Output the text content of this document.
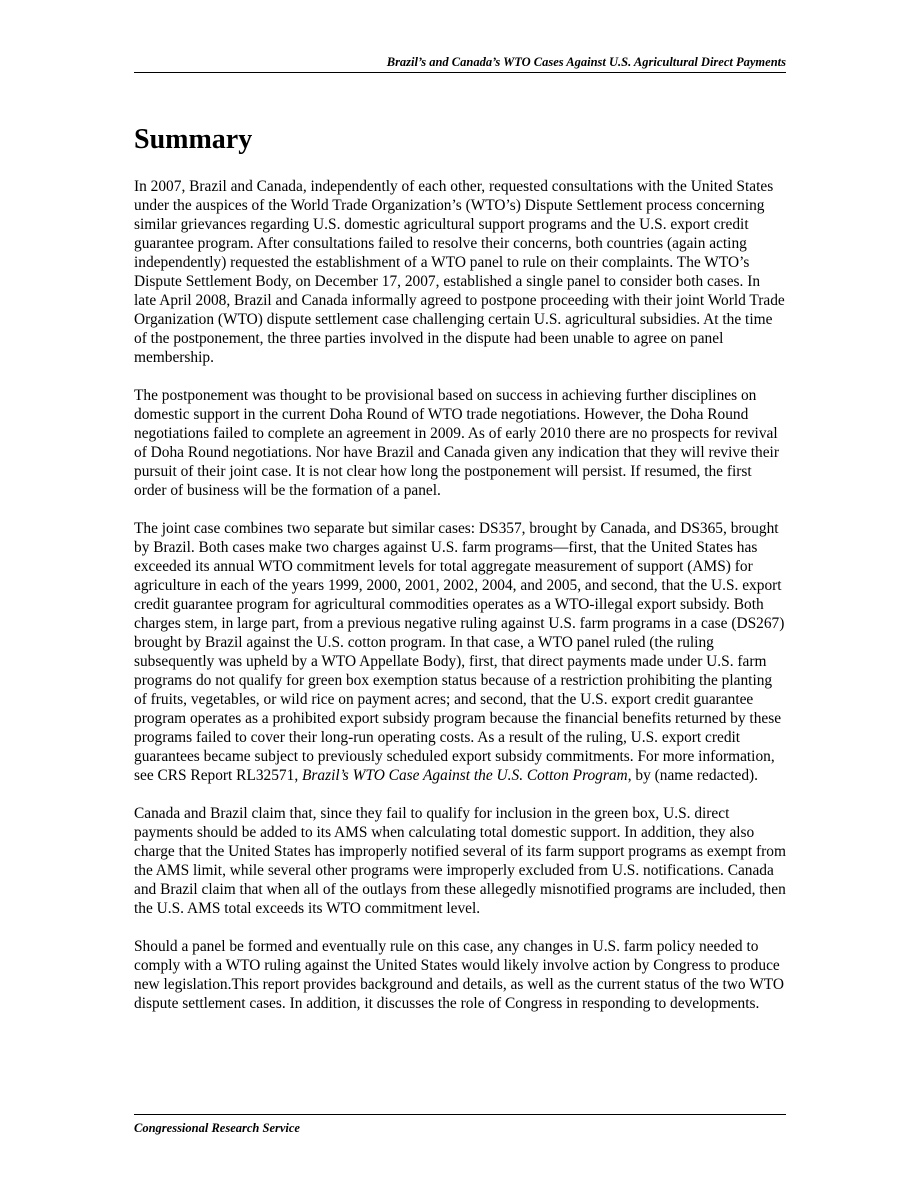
Brazil’s and Canada’s WTO Cases Against U.S. Agricultural Direct Payments
Summary

In 2007, Brazil and Canada, independently of each other, requested consultations with the United States under the auspices of the World Trade Organization’s (WTO’s) Dispute Settlement process concerning similar grievances regarding U.S. domestic agricultural support programs and the U.S. export credit guarantee program. After consultations failed to resolve their concerns, both countries (again acting independently) requested the establishment of a WTO panel to rule on their complaints. The WTO’s Dispute Settlement Body, on December 17, 2007, established a single panel to consider both cases. In late April 2008, Brazil and Canada informally agreed to postpone proceeding with their joint World Trade Organization (WTO) dispute settlement case challenging certain U.S. agricultural subsidies. At the time of the postponement, the three parties involved in the dispute had been unable to agree on panel membership.

The postponement was thought to be provisional based on success in achieving further disciplines on domestic support in the current Doha Round of WTO trade negotiations. However, the Doha Round negotiations failed to complete an agreement in 2009. As of early 2010 there are no prospects for revival of Doha Round negotiations. Nor have Brazil and Canada given any indication that they will revive their pursuit of their joint case. It is not clear how long the postponement will persist. If resumed, the first order of business will be the formation of a panel.

The joint case combines two separate but similar cases: DS357, brought by Canada, and DS365, brought by Brazil. Both cases make two charges against U.S. farm programs—first, that the United States has exceeded its annual WTO commitment levels for total aggregate measurement of support (AMS) for agriculture in each of the years 1999, 2000, 2001, 2002, 2004, and 2005, and second, that the U.S. export credit guarantee program for agricultural commodities operates as a WTO-illegal export subsidy. Both charges stem, in large part, from a previous negative ruling against U.S. farm programs in a case (DS267) brought by Brazil against the U.S. cotton program. In that case, a WTO panel ruled (the ruling subsequently was upheld by a WTO Appellate Body), first, that direct payments made under U.S. farm programs do not qualify for green box exemption status because of a restriction prohibiting the planting of fruits, vegetables, or wild rice on payment acres; and second, that the U.S. export credit guarantee program operates as a prohibited export subsidy program because the financial benefits returned by these programs failed to cover their long-run operating costs. As a result of the ruling, U.S. export credit guarantees became subject to previously scheduled export subsidy commitments. For more information, see CRS Report RL32571, Brazil’s WTO Case Against the U.S. Cotton Program, by (name redacted).

Canada and Brazil claim that, since they fail to qualify for inclusion in the green box, U.S. direct payments should be added to its AMS when calculating total domestic support. In addition, they also charge that the United States has improperly notified several of its farm support programs as exempt from the AMS limit, while several other programs were improperly excluded from U.S. notifications. Canada and Brazil claim that when all of the outlays from these allegedly misnotified programs are included, then the U.S. AMS total exceeds its WTO commitment level.

Should a panel be formed and eventually rule on this case, any changes in U.S. farm policy needed to comply with a WTO ruling against the United States would likely involve action by Congress to produce new legislation.This report provides background and details, as well as the current status of the two WTO dispute settlement cases. In addition, it discusses the role of Congress in responding to developments.

Congressional Research Service
